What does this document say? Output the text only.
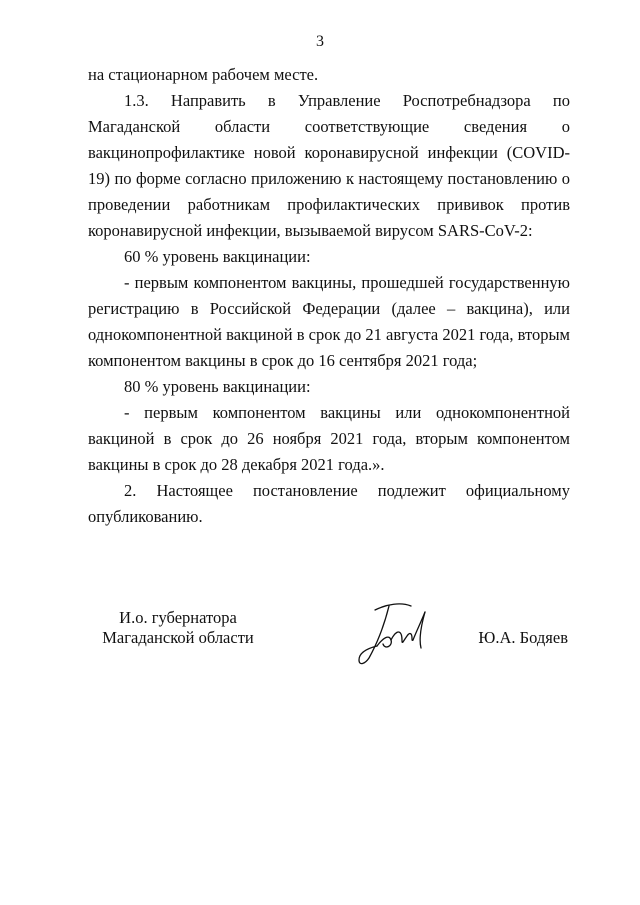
3

на стационарном рабочем месте.

1.3. Направить в Управление Роспотребнадзора по Магаданской области соответствующие сведения о вакцинопрофилактике новой коронавирусной инфекции (COVID-19) по форме согласно приложению к настоящему постановлению о проведении работникам профилактических прививок против коронавирусной инфекции, вызываемой вирусом SARS-CoV-2:

60 % уровень вакцинации:

- первым компонентом вакцины, прошедшей государственную регистрацию в Российской Федерации (далее – вакцина), или однокомпонентной вакциной в срок до 21 августа 2021 года, вторым компонентом вакцины в срок до 16 сентября 2021 года;

80 % уровень вакцинации:

- первым компонентом вакцины или однокомпонентной вакциной в срок до 26 ноября 2021 года, вторым компонентом вакцины в срок до 28 декабря 2021 года.».

2. Настоящее постановление подлежит официальному опубликованию.

И.о. губернатора
Магаданской области	Ю.А. Бодяев
